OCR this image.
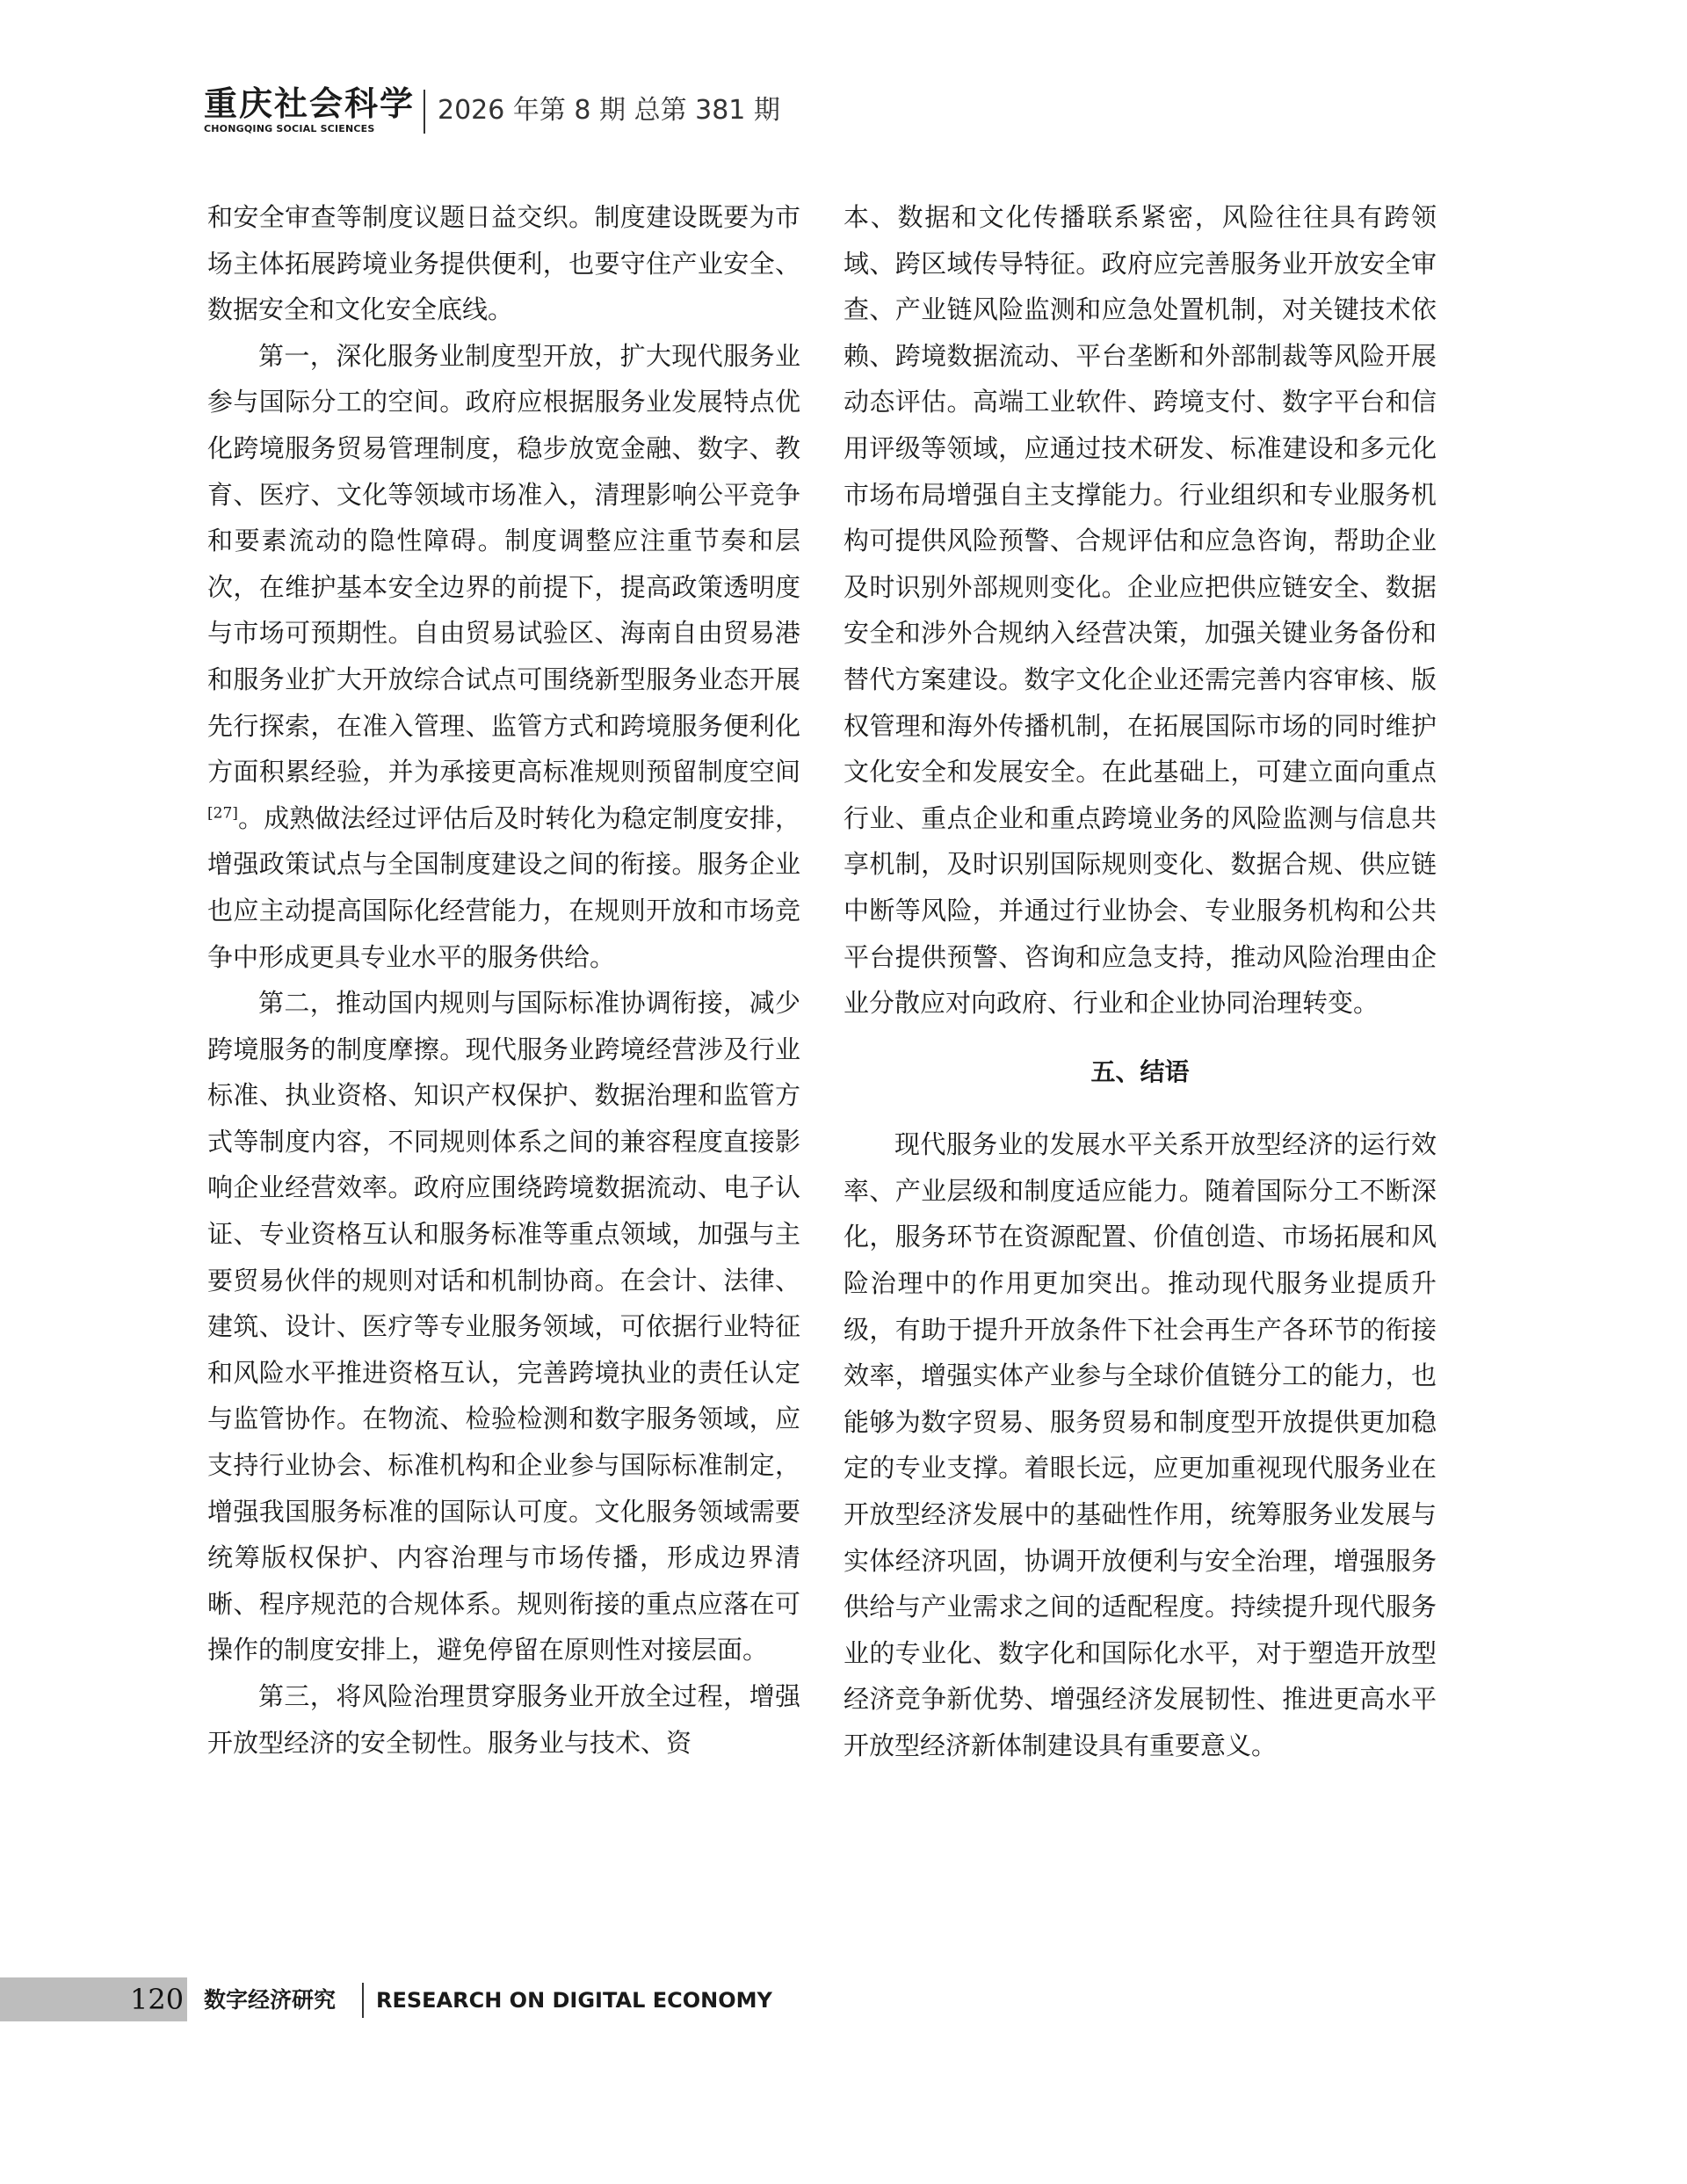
重庆社会科学
CHONGQING SOCIAL SCIENCES
2026 年第 8 期 总第 381 期

和安全审查等制度议题日益交织。制度建设既要为市场主体拓展跨境业务提供便利，也要守住产业安全、数据安全和文化安全底线。

第一，深化服务业制度型开放，扩大现代服务业参与国际分工的空间。政府应根据服务业发展特点优化跨境服务贸易管理制度，稳步放宽金融、数字、教育、医疗、文化等领域市场准入，清理影响公平竞争和要素流动的隐性障碍。制度调整应注重节奏和层次，在维护基本安全边界的前提下，提高政策透明度与市场可预期性。自由贸易试验区、海南自由贸易港和服务业扩大开放综合试点可围绕新型服务业态开展先行探索，在准入管理、监管方式和跨境服务便利化方面积累经验，并为承接更高标准规则预留制度空间[27]。成熟做法经过评估后及时转化为稳定制度安排，增强政策试点与全国制度建设之间的衔接。服务企业也应主动提高国际化经营能力，在规则开放和市场竞争中形成更具专业水平的服务供给。

第二，推动国内规则与国际标准协调衔接，减少跨境服务的制度摩擦。现代服务业跨境经营涉及行业标准、执业资格、知识产权保护、数据治理和监管方式等制度内容，不同规则体系之间的兼容程度直接影响企业经营效率。政府应围绕跨境数据流动、电子认证、专业资格互认和服务标准等重点领域，加强与主要贸易伙伴的规则对话和机制协商。在会计、法律、建筑、设计、医疗等专业服务领域，可依据行业特征和风险水平推进资格互认，完善跨境执业的责任认定与监管协作。在物流、检验检测和数字服务领域，应支持行业协会、标准机构和企业参与国际标准制定，增强我国服务标准的国际认可度。文化服务领域需要统筹版权保护、内容治理与市场传播，形成边界清晰、程序规范的合规体系。规则衔接的重点应落在可操作的制度安排上，避免停留在原则性对接层面。

第三，将风险治理贯穿服务业开放全过程，增强开放型经济的安全韧性。服务业与技术、资

本、数据和文化传播联系紧密，风险往往具有跨领域、跨区域传导特征。政府应完善服务业开放安全审查、产业链风险监测和应急处置机制，对关键技术依赖、跨境数据流动、平台垄断和外部制裁等风险开展动态评估。高端工业软件、跨境支付、数字平台和信用评级等领域，应通过技术研发、标准建设和多元化市场布局增强自主支撑能力。行业组织和专业服务机构可提供风险预警、合规评估和应急咨询，帮助企业及时识别外部规则变化。企业应把供应链安全、数据安全和涉外合规纳入经营决策，加强关键业务备份和替代方案建设。数字文化企业还需完善内容审核、版权管理和海外传播机制，在拓展国际市场的同时维护文化安全和发展安全。在此基础上，可建立面向重点行业、重点企业和重点跨境业务的风险监测与信息共享机制，及时识别国际规则变化、数据合规、供应链中断等风险，并通过行业协会、专业服务机构和公共平台提供预警、咨询和应急支持，推动风险治理由企业分散应对向政府、行业和企业协同治理转变。

五、结语

现代服务业的发展水平关系开放型经济的运行效率、产业层级和制度适应能力。随着国际分工不断深化，服务环节在资源配置、价值创造、市场拓展和风险治理中的作用更加突出。推动现代服务业提质升级，有助于提升开放条件下社会再生产各环节的衔接效率，增强实体产业参与全球价值链分工的能力，也能够为数字贸易、服务贸易和制度型开放提供更加稳定的专业支撑。着眼长远，应更加重视现代服务业在开放型经济发展中的基础性作用，统筹服务业发展与实体经济巩固，协调开放便利与安全治理，增强服务供给与产业需求之间的适配程度。持续提升现代服务业的专业化、数字化和国际化水平，对于塑造开放型经济竞争新优势、增强经济发展韧性、推进更高水平开放型经济新体制建设具有重要意义。

120 数字经济研究 RESEARCH ON DIGITAL ECONOMY
